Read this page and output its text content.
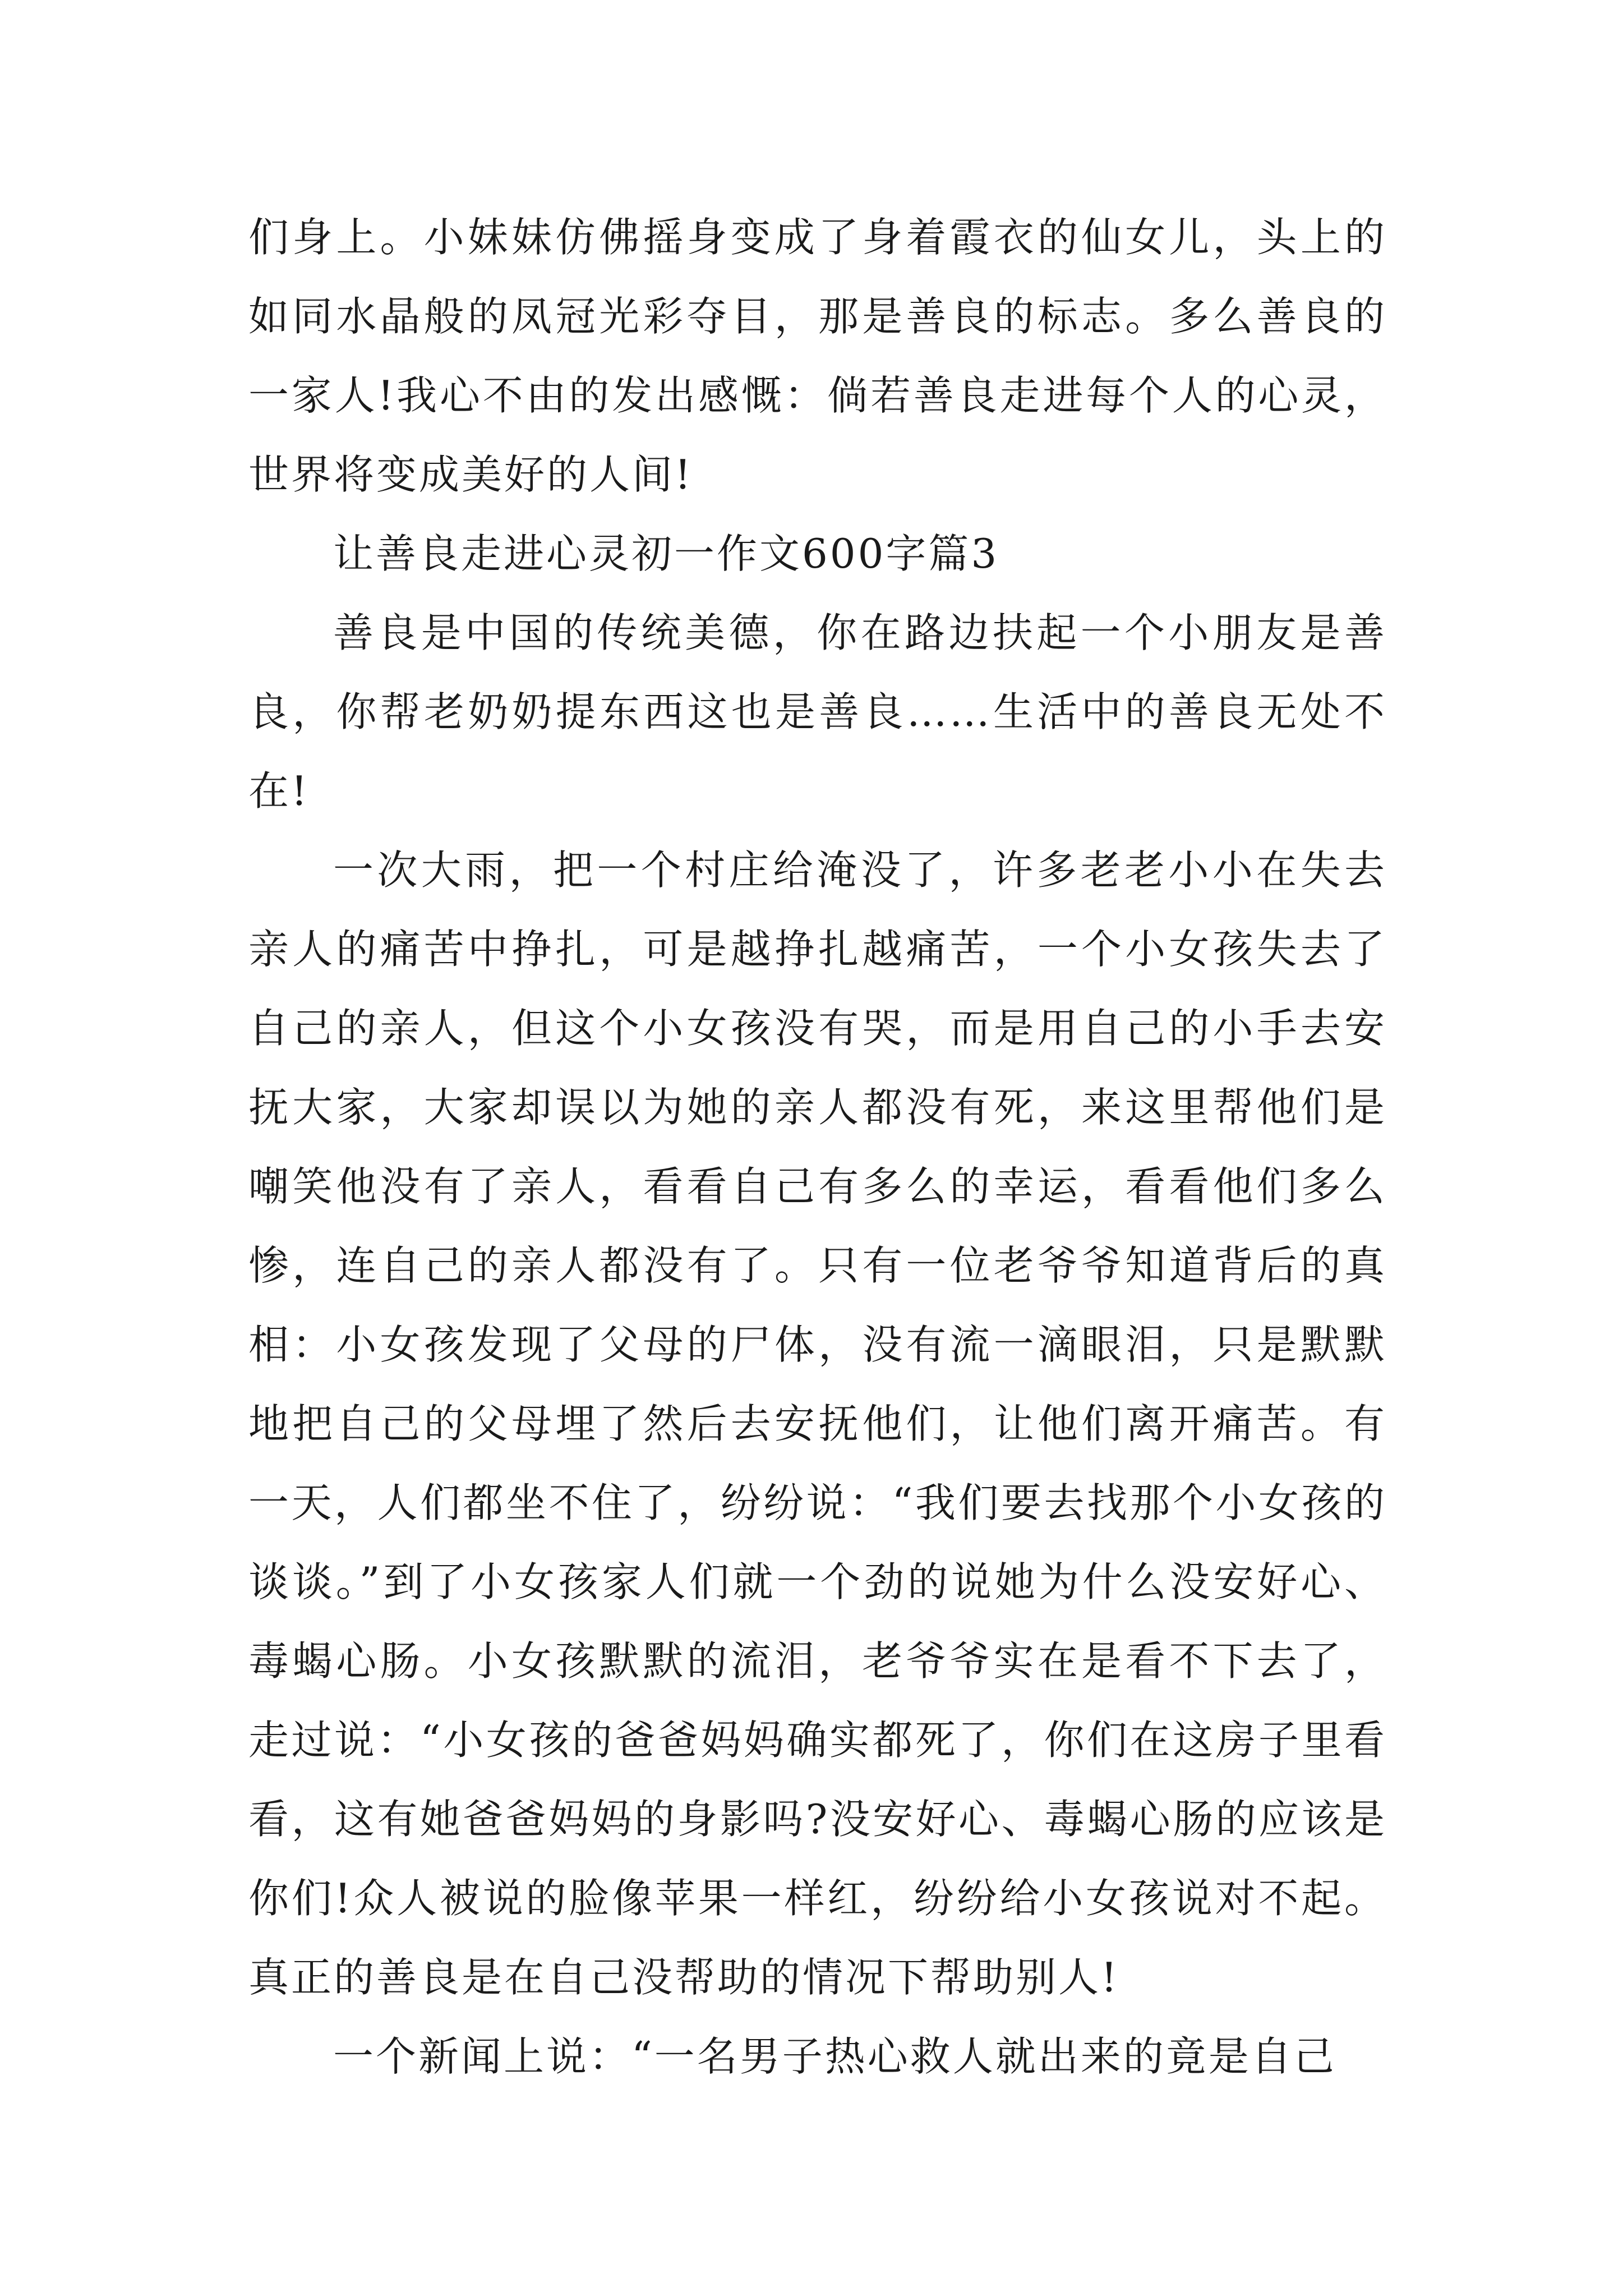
们身上。小妹妹仿佛摇身变成了身着霞衣的仙女儿，头上的如同水晶般的凤冠光彩夺目，那是善良的标志。多么善良的一家人!我心不由的发出感慨：倘若善良走进每个人的心灵，世界将变成美好的人间!

让善良走进心灵初一作文600字篇3

善良是中国的传统美德，你在路边扶起一个小朋友是善良，你帮老奶奶提东西这也是善良……生活中的善良无处不在!

一次大雨，把一个村庄给淹没了，许多老老小小在失去亲人的痛苦中挣扎，可是越挣扎越痛苦，一个小女孩失去了自己的亲人，但这个小女孩没有哭，而是用自己的小手去安抚大家，大家却误以为她的亲人都没有死，来这里帮他们是嘲笑他没有了亲人，看看自己有多么的幸运，看看他们多么惨，连自己的亲人都没有了。只有一位老爷爷知道背后的真相：小女孩发现了父母的尸体，没有流一滴眼泪，只是默默地把自己的父母埋了然后去安抚他们，让他们离开痛苦。有一天，人们都坐不住了，纷纷说：“我们要去找那个小女孩的谈谈。”到了小女孩家人们就一个劲的说她为什么没安好心、毒蝎心肠。小女孩默默的流泪，老爷爷实在是看不下去了，走过说：“小女孩的爸爸妈妈确实都死了，你们在这房子里看看，这有她爸爸妈妈的身影吗?没安好心、毒蝎心肠的应该是你们!众人被说的脸像苹果一样红，纷纷给小女孩说对不起。真正的善良是在自己没帮助的情况下帮助别人!

一个新闻上说：“一名男子热心救人就出来的竟是自己
